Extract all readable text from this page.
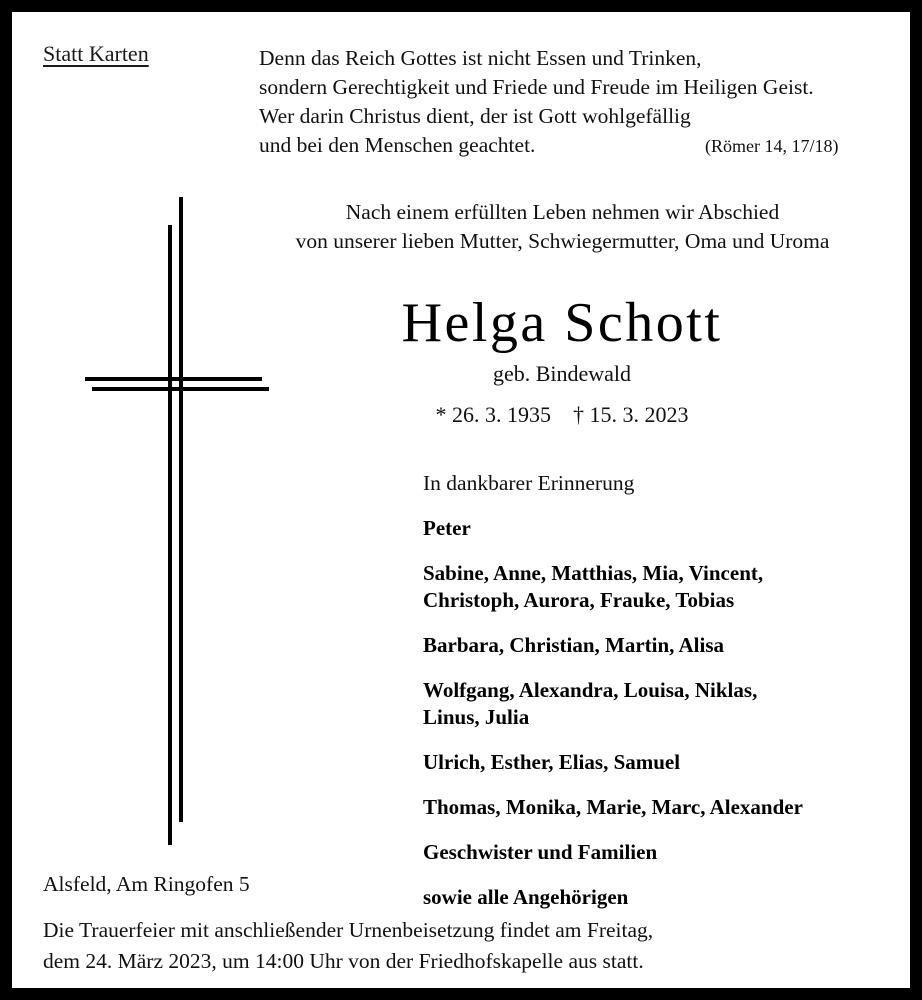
Statt Karten	Denn das Reich Gottes ist nicht Essen und Trinken,
sondern Gerechtigkeit und Friede und Freude im Heiligen Geist.
Wer darin Christus dient, der ist Gott wohlgefällig
und bei den Menschen geachtet.	(Römer 14, 17/18)
Nach einem erfüllten Leben nehmen wir Abschied
von unserer lieben Mutter, Schwiegermutter, Oma und Uroma
Helga Schott
geb. Bindewald
* 26. 3. 1935 † 15. 3. 2023
In dankbarer Erinnerung
Peter
Sabine, Anne, Matthias, Mia, Vincent,
Christoph, Aurora, Frauke, Tobias
Barbara, Christian, Martin, Alisa
Wolfgang, Alexandra, Louisa, Niklas,
Linus, Julia
Ulrich, Esther, Elias, Samuel
Thomas, Monika, Marie, Marc, Alexander
Geschwister und Familien
sowie alle Angehörigen
Alsfeld, Am Ringofen 5
Die Trauerfeier mit anschließender Urnenbeisetzung findet am Freitag,
dem 24. März 2023, um 14:00 Uhr von der Friedhofskapelle aus statt.
